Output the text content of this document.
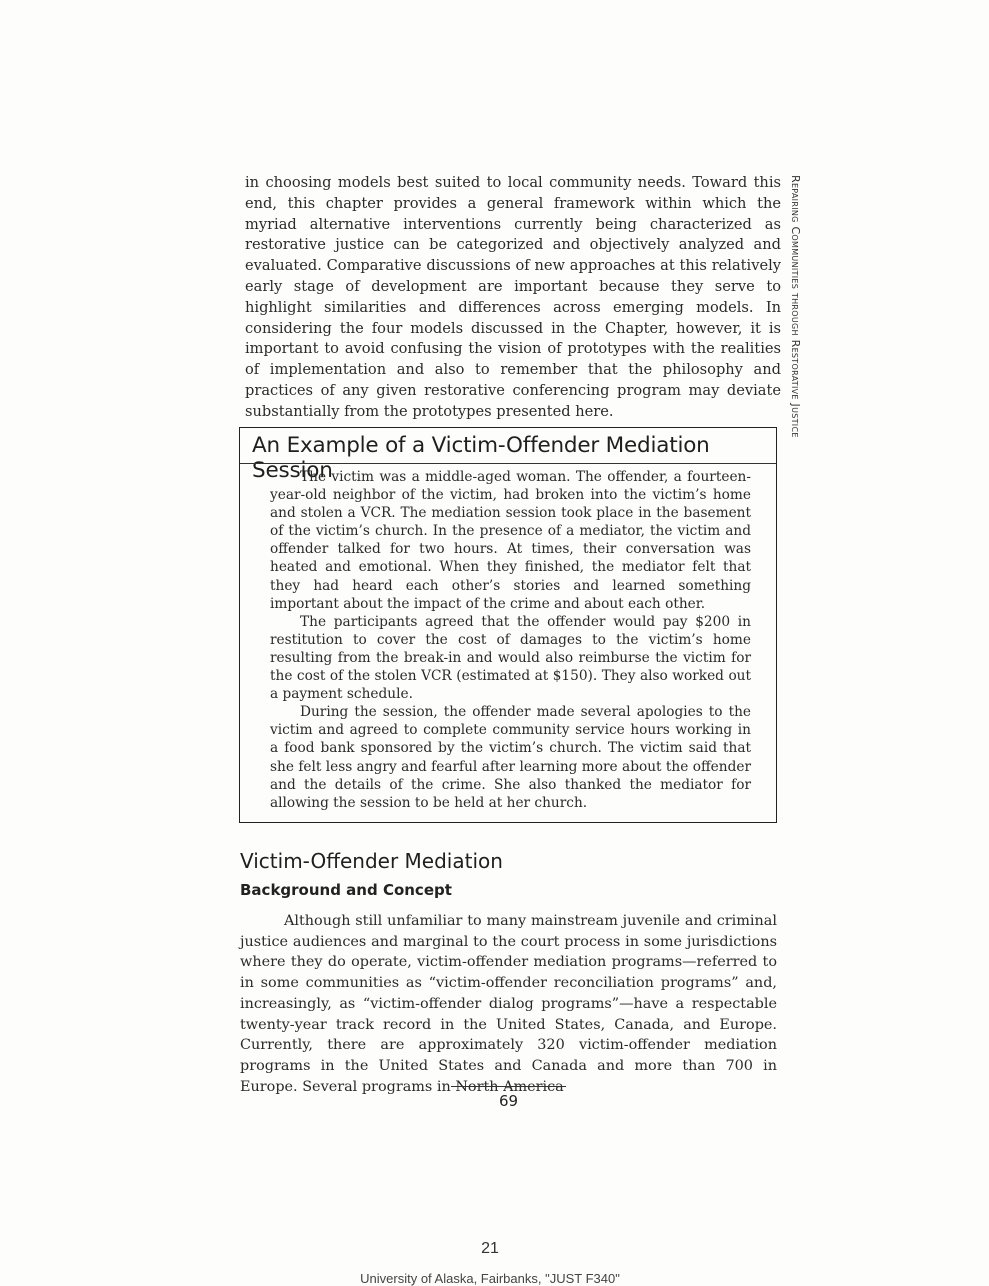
in choosing models best suited to local community needs. Toward this end, this chapter provides a general framework within which the myriad alternative interventions currently being characterized as restorative justice can be categorized and objectively analyzed and evaluated. Comparative discussions of new approaches at this relatively early stage of development are important because they serve to highlight similarities and differences across emerging models. In considering the four models discussed in the Chapter, however, it is important to avoid confusing the vision of prototypes with the realities of implementation and also to remember that the philosophy and practices of any given restorative conferencing program may deviate substantially from the prototypes presented here.	Repairing Communities through Restorative Justice
An Example of a Victim-Offender Mediation Session

The victim was a middle-aged woman. The offender, a fourteen-year-old neighbor of the victim, had broken into the victim’s home and stolen a VCR. The mediation session took place in the basement of the victim’s church. In the presence of a mediator, the victim and offender talked for two hours. At times, their conversation was heated and emotional. When they finished, the mediator felt that they had heard each other’s stories and learned something important about the impact of the crime and about each other.

The participants agreed that the offender would pay $200 in restitution to cover the cost of damages to the victim’s home resulting from the break-in and would also reimburse the victim for the cost of the stolen VCR (estimated at $150). They also worked out a payment schedule.

During the session, the offender made several apologies to the victim and agreed to complete community service hours working in a food bank sponsored by the victim’s church. The victim said that she felt less angry and fearful after learning more about the offender and the details of the crime. She also thanked the mediator for allowing the session to be held at her church.

Victim-Offender Mediation
Background and Concept

Although still unfamiliar to many mainstream juvenile and criminal justice audiences and marginal to the court process in some jurisdictions where they do operate, victim-offender mediation programs—referred to in some communities as “victim-offender reconciliation programs” and, increasingly, as “victim-offender dialog programs”—have a respectable twenty-year track record in the United States, Canada, and Europe. Currently, there are approximately 320 victim-offender mediation programs in the United States and Canada and more than 700 in Europe. Several programs in North America

69
21
University of Alaska, Fairbanks, "JUST F340"
